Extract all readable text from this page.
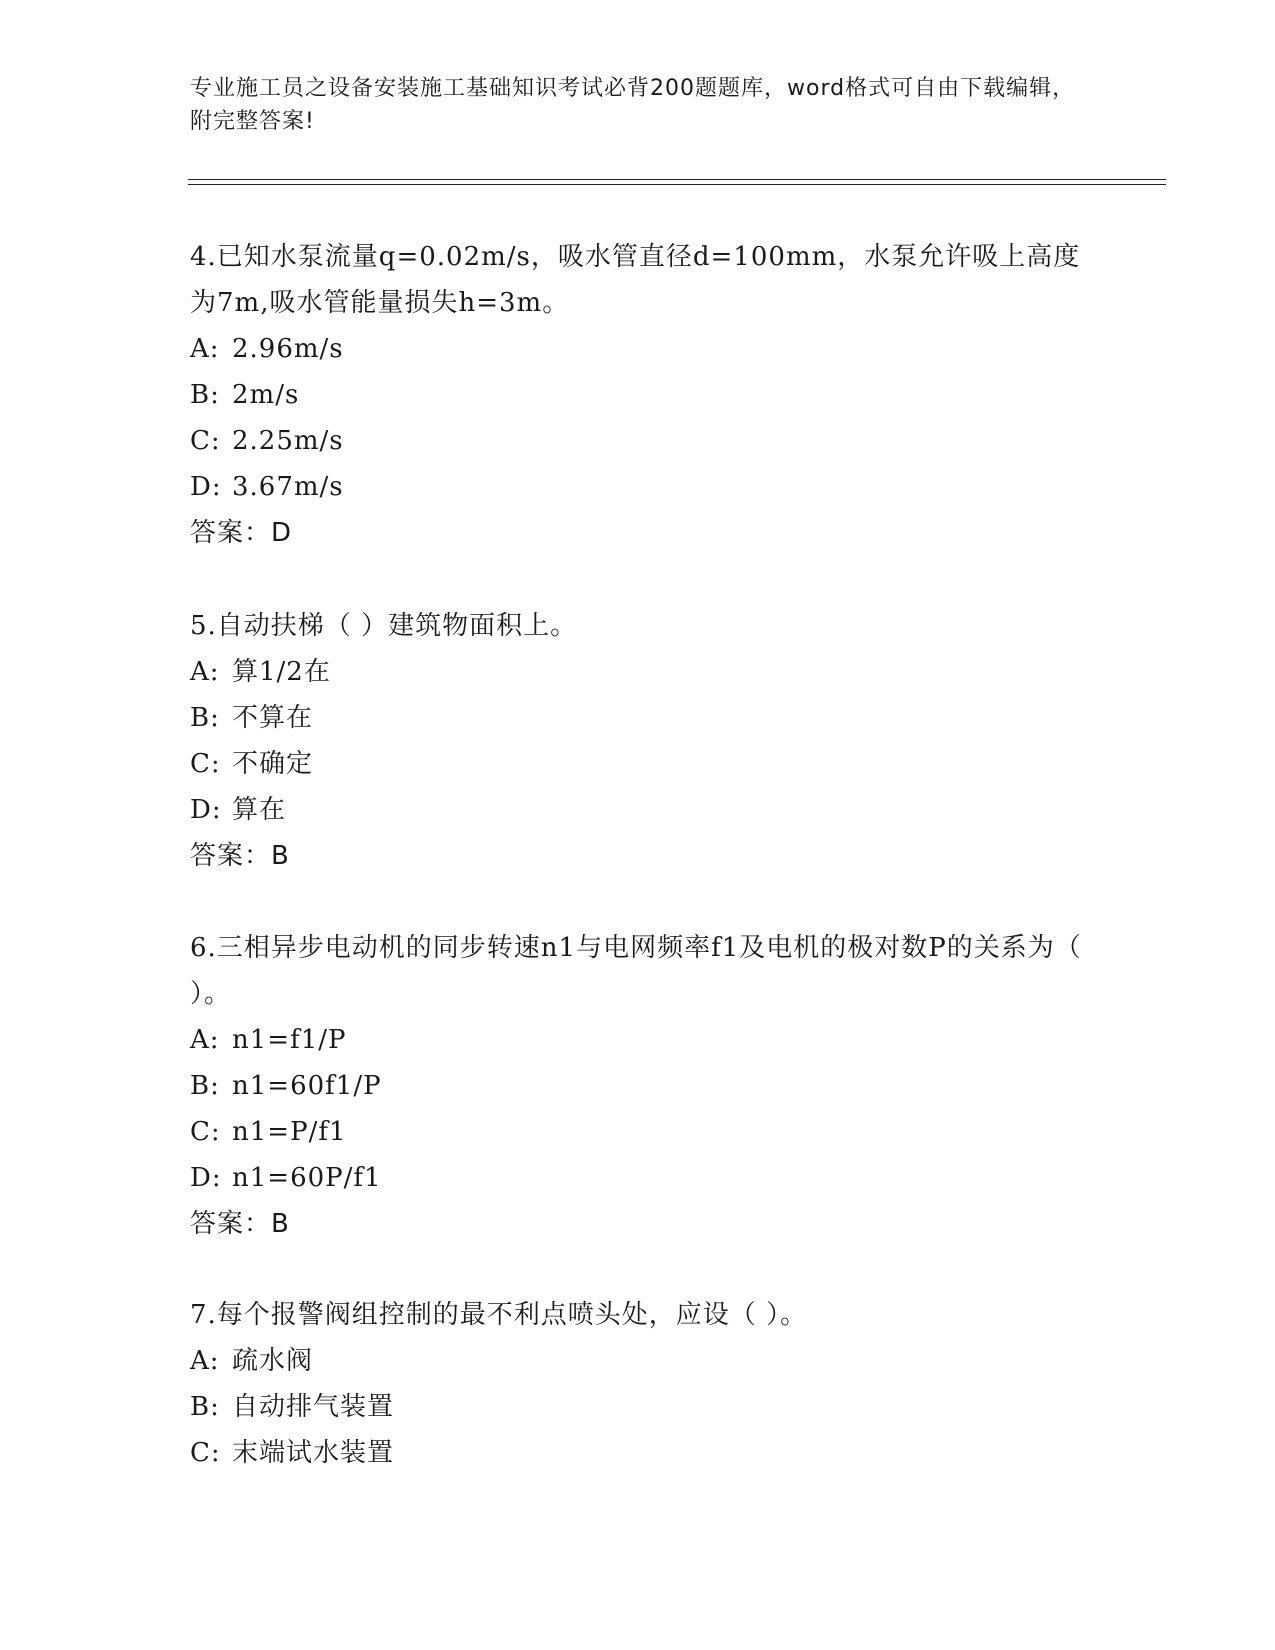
专业施工员之设备安装施工基础知识考试必背200题题库，word格式可自由下载编辑，附完整答案!

4.已知水泵流量q=0.02m/s，吸水管直径d=100mm，水泵允许吸上高度为7m,吸水管能量损失h=3m。

A: 2.96m/s

B: 2m/s

C: 2.25m/s

D: 3.67m/s

答案：D

5.自动扶梯（ ）建筑物面积上。

A: 算1/2在

B: 不算在

C: 不确定

D: 算在

答案：B

6.三相异步电动机的同步转速n1与电网频率f1及电机的极对数P的关系为（ ）。

A: n1=f1/P

B: n1=60f1/P

C: n1=P/f1

D: n1=60P/f1

答案：B

7.每个报警阀组控制的最不利点喷头处，应设（ ）。

A: 疏水阀

B: 自动排气装置

C: 末端试水装置
